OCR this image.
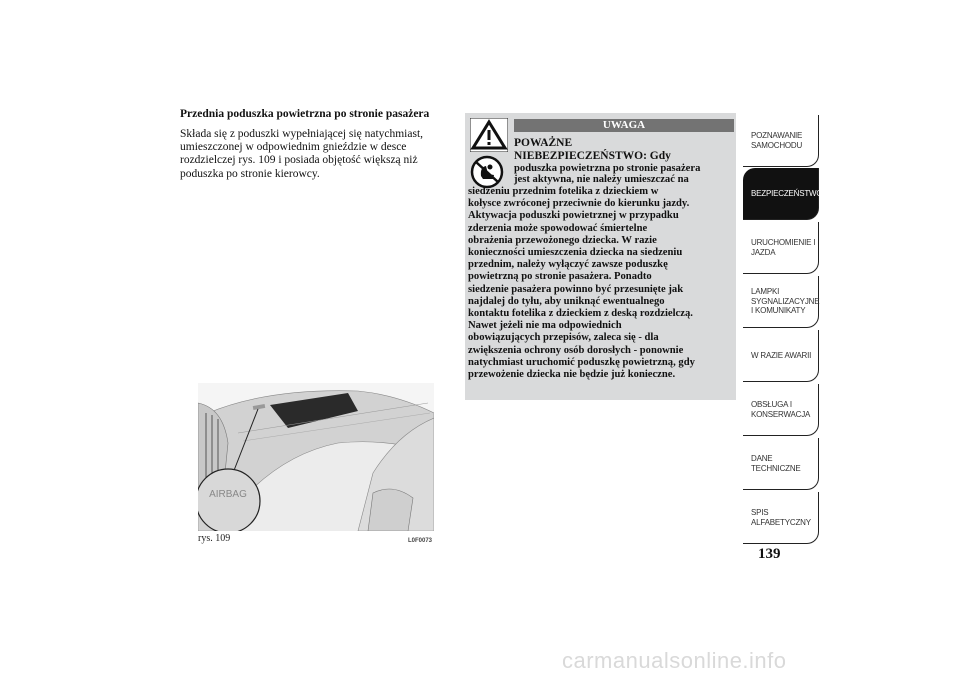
Przednia poduszka powietrzna po stronie pasażera
Składa się z poduszki wypełniającej się natychmiast,
umieszczonej w odpowiednim gnieździe w desce
rozdzielczej rys. 109 i posiada objętość większą niż
poduszka po stronie kierowcy.
AIRBAG
rys. 109	L0F0073
UWAGA
POWAŻNE
NIEBEZPIECZEŃSTWO: Gdy
poduszka powietrzna po stronie pasażera
jest aktywna, nie należy umieszczać na
siedzeniu przednim fotelika z dzieckiem w
kołysce zwróconej przeciwnie do kierunku jazdy.
Aktywacja poduszki powietrznej w przypadku
zderzenia może spowodować śmiertelne
obrażenia przewożonego dziecka. W razie
konieczności umieszczenia dziecka na siedzeniu
przednim, należy wyłączyć zawsze poduszkę
powietrzną po stronie pasażera. Ponadto
siedzenie pasażera powinno być przesunięte jak
najdalej do tyłu, aby uniknąć ewentualnego
kontaktu fotelika z dzieckiem z deską rozdzielczą.
Nawet jeżeli nie ma odpowiednich
obowiązujących przepisów, zaleca się - dla
zwiększenia ochrony osób dorosłych - ponownie
natychmiast uruchomić poduszkę powietrzną, gdy
przewożenie dziecka nie będzie już konieczne.
POZNAWANIE
SAMOCHODU
BEZPIECZEŃSTWO
URUCHOMIENIE I
JAZDA
LAMPKI
SYGNALIZACYJNE
I KOMUNIKATY
W RAZIE AWARII
OBSŁUGA I
KONSERWACJA
DANE
TECHNICZNE
SPIS
ALFABETYCZNY
139
carmanualsonline.info
